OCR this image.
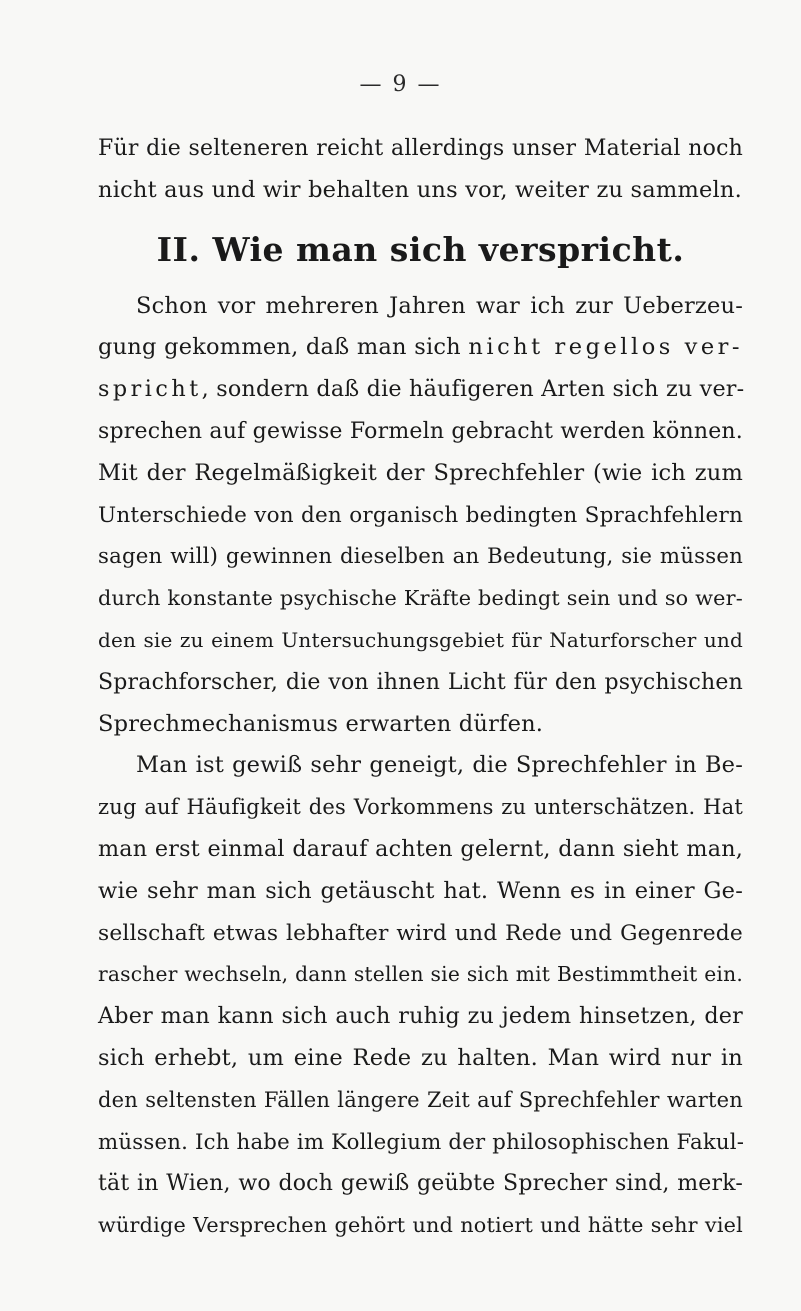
— 9 —
Für die selteneren reicht allerdings unser Material noch
nicht aus und wir behalten uns vor, weiter zu sammeln.
II. Wie man sich verspricht.
Schon vor mehreren Jahren war ich zur Ueberzeu-
gung gekommen, daß man sich nicht regellos ver-
spricht, sondern daß die häufigeren Arten sich zu ver-
sprechen auf gewisse Formeln gebracht werden können.
Mit der Regelmäßigkeit der Sprechfehler (wie ich zum
Unterschiede von den organisch bedingten Sprachfehlern
sagen will) gewinnen dieselben an Bedeutung, sie müssen
durch konstante psychische Kräfte bedingt sein und so wer-
den sie zu einem Untersuchungsgebiet für Naturforscher und
Sprachforscher, die von ihnen Licht für den psychischen
Sprechmechanismus erwarten dürfen.
Man ist gewiß sehr geneigt, die Sprechfehler in Be-
zug auf Häufigkeit des Vorkommens zu unterschätzen. Hat
man erst einmal darauf achten gelernt, dann sieht man,
wie sehr man sich getäuscht hat. Wenn es in einer Ge-
sellschaft etwas lebhafter wird und Rede und Gegenrede
rascher wechseln, dann stellen sie sich mit Bestimmtheit ein.
Aber man kann sich auch ruhig zu jedem hinsetzen, der
sich erhebt, um eine Rede zu halten. Man wird nur in
den seltensten Fällen längere Zeit auf Sprechfehler warten
müssen. Ich habe im Kollegium der philosophischen Fakul-
tät in Wien, wo doch gewiß geübte Sprecher sind, merk-
würdige Versprechen gehört und notiert und hätte sehr viel
